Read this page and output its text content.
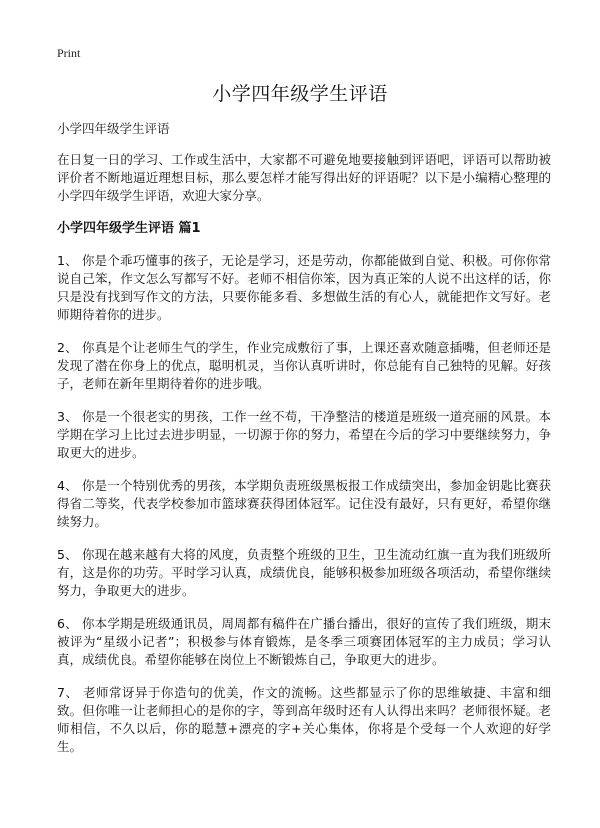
Print
小学四年级学生评语

小学四年级学生评语

在日复一日的学习、工作或生活中，大家都不可避免地要接触到评语吧，评语可以帮助被评价者不断地逼近理想目标，那么要怎样才能写得出好的评语呢？以下是小编精心整理的小学四年级学生评语，欢迎大家分享。

小学四年级学生评语 篇1

1、 你是个乖巧懂事的孩子，无论是学习，还是劳动，你都能做到自觉、积极。可你你常说自己笨，作文怎么写都写不好。老师不相信你笨，因为真正笨的人说不出这样的话，你只是没有找到写作文的方法，只要你能多看、多想做生活的有心人，就能把作文写好。老师期待着你的进步。

2、 你真是个让老师生气的学生，作业完成敷衍了事，上课还喜欢随意插嘴，但老师还是发现了潜在你身上的优点，聪明机灵，当你认真听讲时，你总能有自己独特的见解。好孩子，老师在新年里期待着你的进步哦。

3、 你是一个很老实的男孩，工作一丝不苟，干净整洁的楼道是班级一道亮丽的风景。本学期在学习上比过去进步明显，一切源于你的努力，希望在今后的学习中要继续努力，争取更大的进步。

4、 你是一个特别优秀的男孩，本学期负责班级黑板报工作成绩突出，参加金钥匙比赛获得省二等奖，代表学校参加市篮球赛获得团体冠军。记住没有最好，只有更好，希望你继续努力。

5、 你现在越来越有大将的风度，负责整个班级的卫生，卫生流动红旗一直为我们班级所有，这是你的功劳。平时学习认真，成绩优良，能够积极参加班级各项活动，希望你继续努力，争取更大的进步。

6、 你本学期是班级通讯员，周周都有稿件在广播台播出，很好的宣传了我们班级，期末被评为“星级小记者”；积极参与体育锻炼，是冬季三项赛团体冠军的主力成员；学习认真，成绩优良。希望你能够在岗位上不断锻炼自己，争取更大的进步。

7、 老师常讶异于你造句的优美，作文的流畅。这些都显示了你的思维敏捷、丰富和细致。但你唯一让老师担心的是你的字，等到高年级时还有人认得出来吗？老师很怀疑。老师相信，不久以后，你的聪慧+漂亮的字+关心集体，你将是个受每一个人欢迎的好学生。
